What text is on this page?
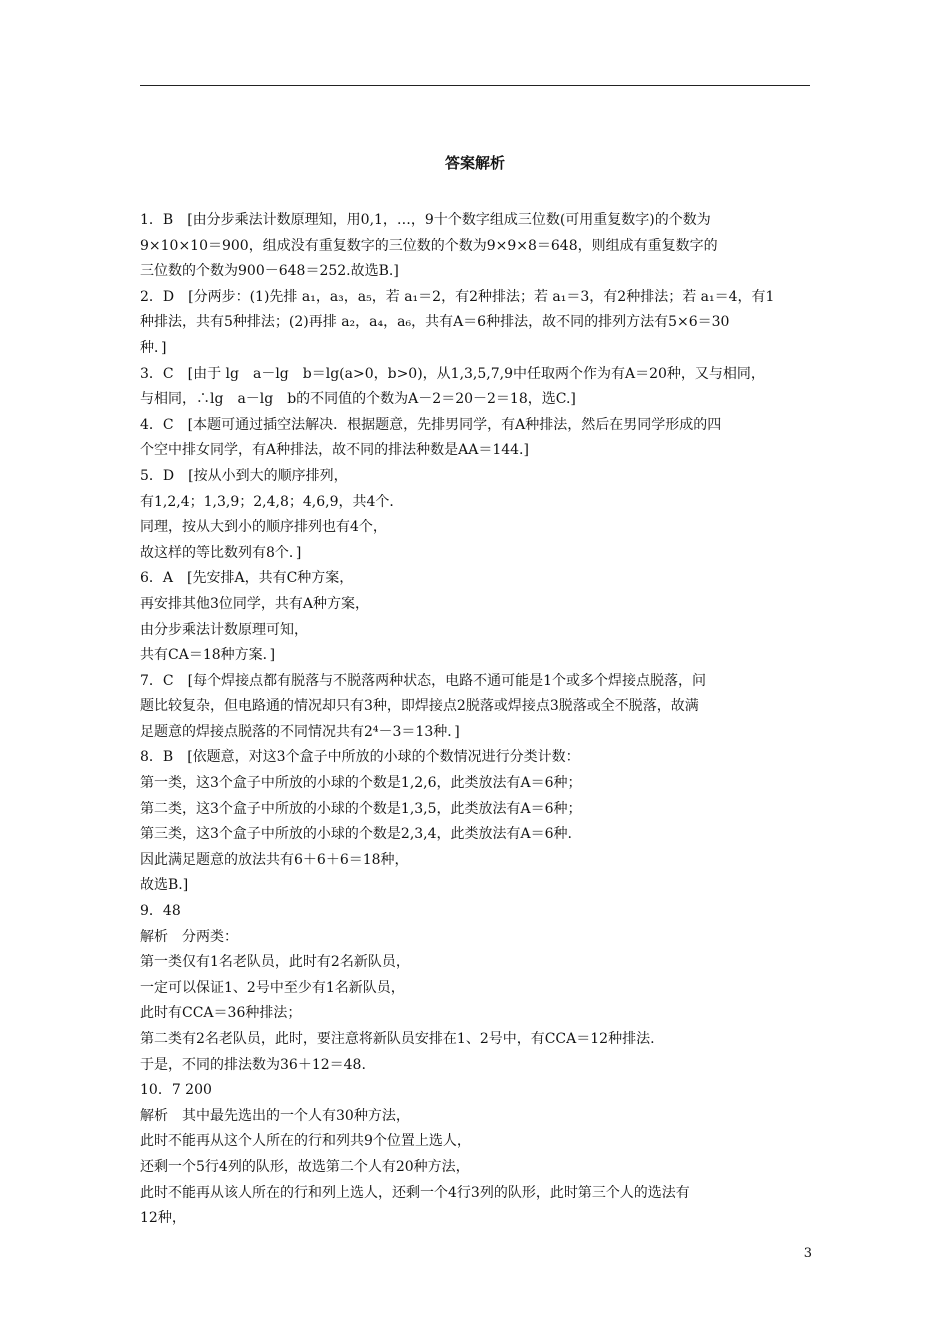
答案解析
1．B　[由分步乘法计数原理知，用0,1，…，9十个数字组成三位数(可用重复数字)的个数为
9×10×10＝900，组成没有重复数字的三位数的个数为9×9×8＝648，则组成有重复数字的
三位数的个数为900－648＝252.故选B.]
2．D　[分两步：(1)先排 a₁，a₃，a₅，若 a₁＝2，有2种排法；若 a₁＝3，有2种排法；若 a₁＝4，有1
种排法，共有5种排法；(2)再排 a₂，a₄，a₆，共有A＝6种排法，故不同的排列方法有5×6＝30
种．]
3．C　[由于 lg　a－lg　b＝lg(a>0，b>0)，从1,3,5,7,9中任取两个作为有A＝20种，又与相同，
与相同，∴lg　a－lg　b的不同值的个数为A－2＝20－2＝18，选C.]
4．C　[本题可通过插空法解决．根据题意，先排男同学，有A种排法，然后在男同学形成的四
个空中排女同学，有A种排法，故不同的排法种数是AA＝144.]
5．D　[按从小到大的顺序排列，
有1,2,4；1,3,9；2,4,8；4,6,9，共4个．
同理，按从大到小的顺序排列也有4个，
故这样的等比数列有8个．]
6．A　[先安排A，共有C种方案，
再安排其他3位同学，共有A种方案，
由分步乘法计数原理可知，
共有CA＝18种方案．]
7．C　[每个焊接点都有脱落与不脱落两种状态，电路不通可能是1个或多个焊接点脱落，问
题比较复杂，但电路通的情况却只有3种，即焊接点2脱落或焊接点3脱落或全不脱落，故满
足题意的焊接点脱落的不同情况共有2⁴－3＝13种．]
8．B　[依题意，对这3个盒子中所放的小球的个数情况进行分类计数：
第一类，这3个盒子中所放的小球的个数是1,2,6，此类放法有A＝6种；
第二类，这3个盒子中所放的小球的个数是1,3,5，此类放法有A＝6种；
第三类，这3个盒子中所放的小球的个数是2,3,4，此类放法有A＝6种.
因此满足题意的放法共有6＋6＋6＝18种，
故选B.]
9．48
解析　分两类：
第一类仅有1名老队员，此时有2名新队员，
一定可以保证1、2号中至少有1名新队员，
此时有CCA＝36种排法；
第二类有2名老队员，此时，要注意将新队员安排在1、2号中，有CCA＝12种排法.
于是，不同的排法数为36＋12＝48.
10．7 200
解析　其中最先选出的一个人有30种方法，
此时不能再从这个人所在的行和列共9个位置上选人，
还剩一个5行4列的队形，故选第二个人有20种方法，
此时不能再从该人所在的行和列上选人，还剩一个4行3列的队形，此时第三个人的选法有
12种，
3
